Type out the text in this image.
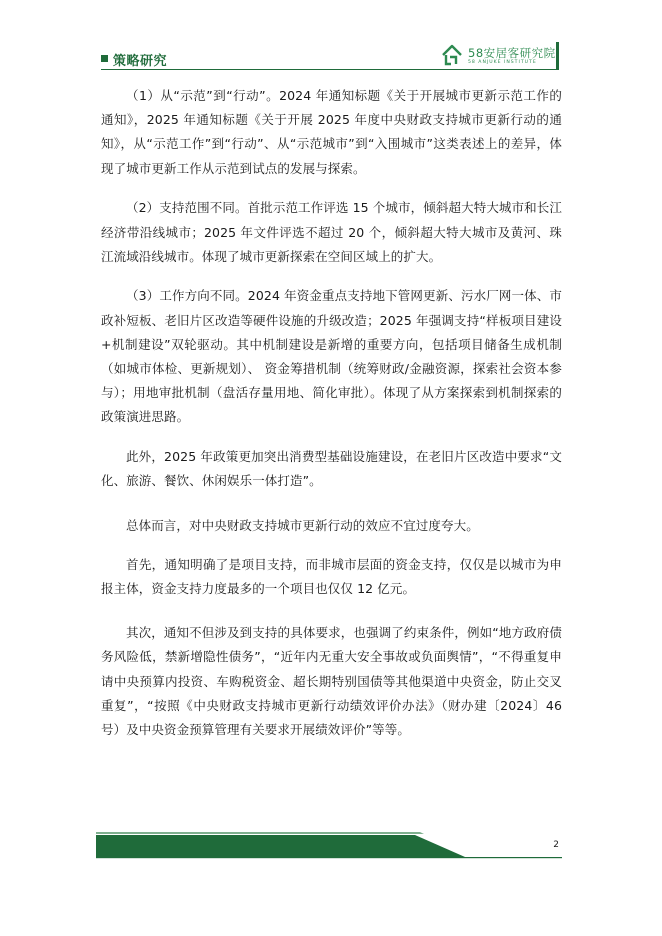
策略研究
58安居客研究院
58 ANJUKE INSTITUTE

（1）从“示范”到“行动”。2024 年通知标题《关于开展城市更新示范工作的通知》，2025 年通知标题《关于开展 2025 年度中央财政支持城市更新行动的通知》，从“示范工作”到“行动”、从“示范城市”到“入围城市”这类表述上的差异，体现了城市更新工作从示范到试点的发展与探索。

（2）支持范围不同。首批示范工作评选 15 个城市，倾斜超大特大城市和长江经济带沿线城市；2025 年文件评选不超过 20 个，倾斜超大特大城市及黄河、珠江流域沿线城市。体现了城市更新探索在空间区域上的扩大。

（3）工作方向不同。2024 年资金重点支持地下管网更新、污水厂网一体、市政补短板、老旧片区改造等硬件设施的升级改造；2025 年强调支持“样板项目建设+机制建设”双轮驱动。其中机制建设是新增的重要方向，包括项目储备生成机制（如城市体检、更新规划）、 资金筹措机制（统筹财政/金融资源，探索社会资本参与）；用地审批机制（盘活存量用地、简化审批）。体现了从方案探索到机制探索的政策演进思路。

此外，2025 年政策更加突出消费型基础设施建设，在老旧片区改造中要求“文化、旅游、餐饮、休闲娱乐一体打造”。

总体而言，对中央财政支持城市更新行动的效应不宜过度夸大。

首先，通知明确了是项目支持，而非城市层面的资金支持，仅仅是以城市为申报主体，资金支持力度最多的一个项目也仅仅 12 亿元。

其次，通知不但涉及到支持的具体要求，也强调了约束条件，例如“地方政府债务风险低，禁新增隐性债务”，“近年内无重大安全事故或负面舆情”，“不得重复申请中央预算内投资、车购税资金、超长期特别国债等其他渠道中央资金，防止交叉重复”，“按照《中央财政支持城市更新行动绩效评价办法》（财办建〔2024〕46 号）及中央资金预算管理有关要求开展绩效评价”等等。

2
